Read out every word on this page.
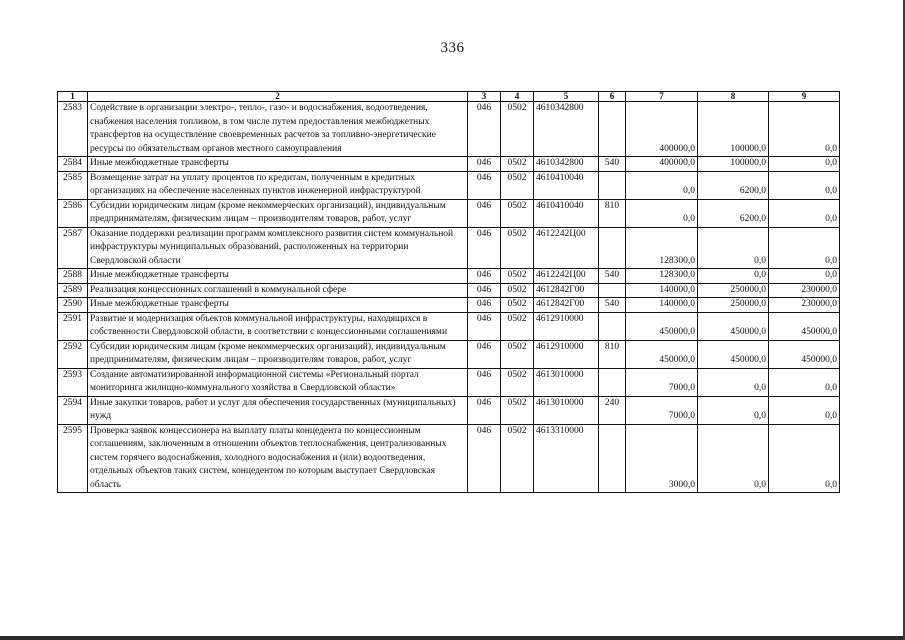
336
1	2	3	4	5	6	7	8	9
2583	Содействие в организации электро-, тепло-, газо- и водоснабжения, водоотведения, снабжения населения топливом, в том числе путем предоставления межбюджетных трансфертов на осуществление своевременных расчетов за топливно-энергетические ресурсы по обязательствам органов местного самоуправления	046	0502	4610342800		400000,0	100000,0	0,0
2584	Иные межбюджетные трансферты	046	0502	4610342800	540	400000,0	100000,0	0,0
2585	Возмещение затрат на уплату процентов по кредитам, полученным в кредитных организациях на обеспечение населенных пунктов инженерной инфраструктурой	046	0502	4610410040		0,0	6200,0	0,0
2586	Субсидии юридическим лицам (кроме некоммерческих организаций), индивидуальным предпринимателям, физическим лицам – производителям товаров, работ, услуг	046	0502	4610410040	810	0,0	6200,0	0,0
2587	Оказание поддержки реализации программ комплексного развития систем коммунальной инфраструктуры муниципальных образований, расположенных на территории Свердловской области	046	0502	4612242Ц00		128300,0	0,0	0,0
2588	Иные межбюджетные трансферты	046	0502	4612242Ц00	540	128300,0	0,0	0,0
2589	Реализация концессионных соглашений в коммунальной сфере	046	0502	4612842Г00		140000,0	250000,0	230000,0
2590	Иные межбюджетные трансферты	046	0502	4612842Г00	540	140000,0	250000,0	230000,0
2591	Развитие и модернизация объектов коммунальной инфраструктуры, находящихся в собственности Свердловской области, в соответствии с концессионными соглашениями	046	0502	4612910000		450000,0	450000,0	450000,0
2592	Субсидии юридическим лицам (кроме некоммерческих организаций), индивидуальным предпринимателям, физическим лицам – производителям товаров, работ, услуг	046	0502	4612910000	810	450000,0	450000,0	450000,0
2593	Создание автоматизированной информационной системы «Региональный портал мониторинга жилищно-коммунального хозяйства в Свердловской области»	046	0502	4613010000		7000,0	0,0	0,0
2594	Иные закупки товаров, работ и услуг для обеспечения государственных (муниципальных) нужд	046	0502	4613010000	240	7000,0	0,0	0,0
2595	Проверка заявок концессионера на выплату платы концедента по концессионным соглашениям, заключенным в отношении объектов теплоснабжения, централизованных систем горячего водоснабжения, холодного водоснабжения и (или) водоотведения, отдельных объектов таких систем, концедентом по которым выступает Свердловская область	046	0502	4613310000		3000,0	0,0	0,0
